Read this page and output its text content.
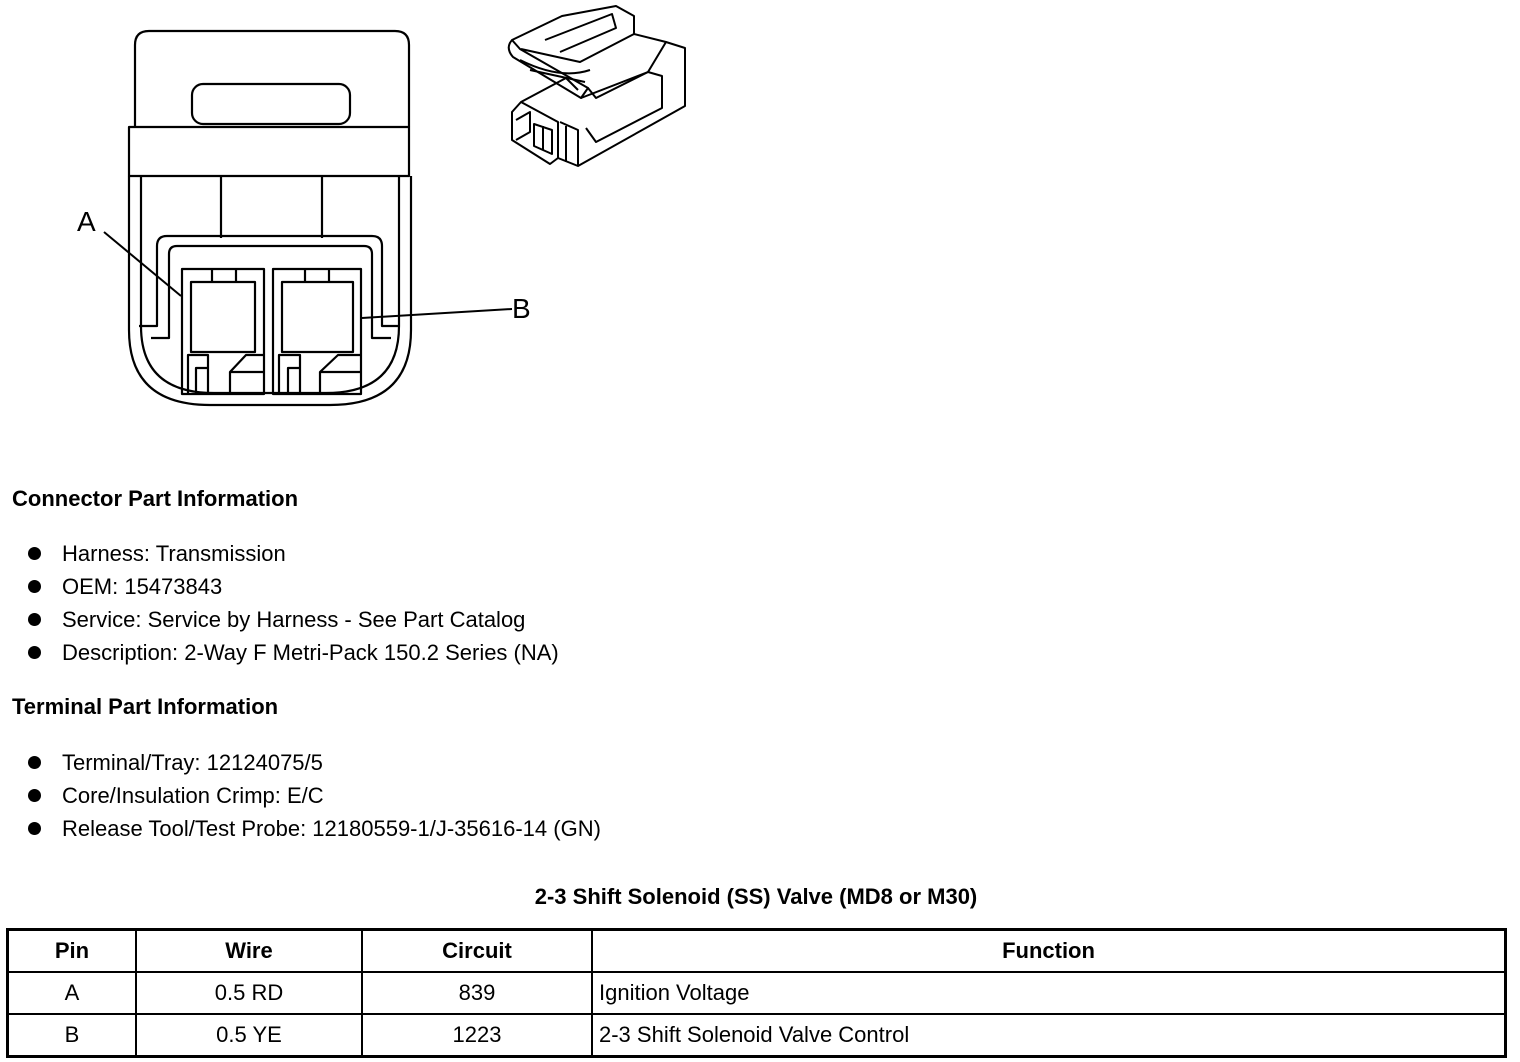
A
B
Connector Part Information
Harness: Transmission
OEM: 15473843
Service: Service by Harness - See Part Catalog
Description: 2-Way F Metri-Pack 150.2 Series (NA)
Terminal Part Information
Terminal/Tray: 12124075/5
Core/Insulation Crimp: E/C
Release Tool/Test Probe: 12180559-1/J-35616-14 (GN)
2-3 Shift Solenoid (SS) Valve (MD8 or M30)
Pin	Wire	Circuit	Function
A	0.5 RD	839	Ignition Voltage
B	0.5 YE	1223	2-3 Shift Solenoid Valve Control
